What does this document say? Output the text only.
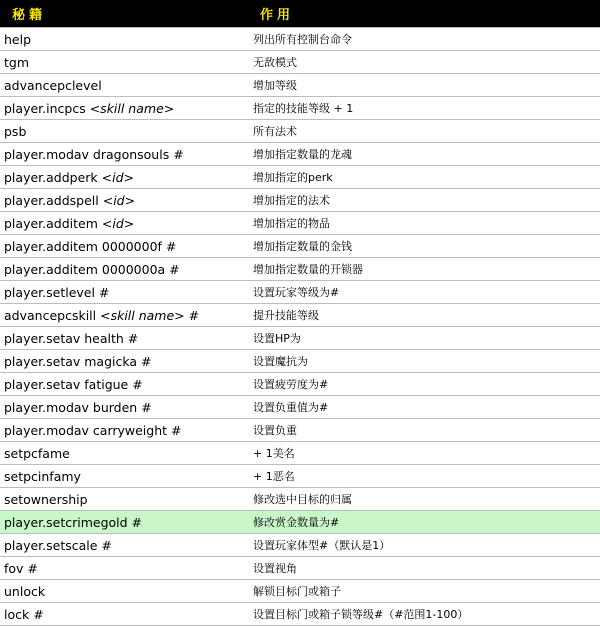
秘籍	作用
help	列出所有控制台命令
tgm	无敌模式
advancepclevel	增加等级
player.incpcs <skill name>	指定的技能等级 + 1
psb	所有法术
player.modav dragonsouls #	增加指定数量的龙魂
player.addperk <id>	增加指定的perk
player.addspell <id>	增加指定的法术
player.additem <id>	增加指定的物品
player.additem 0000000f #	增加指定数量的金钱
player.additem 0000000a #	增加指定数量的开锁器
player.setlevel #	设置玩家等级为#
advancepcskill <skill name> #	提升技能等级
player.setav health #	设置HP为
player.setav magicka #	设置魔抗为
player.setav fatigue #	设置疲劳度为#
player.modav burden #	设置负重值为#
player.modav carryweight #	设置负重
setpcfame	+ 1美名
setpcinfamy	+ 1恶名
setownership	修改选中目标的归属
player.setcrimegold #	修改赏金数量为#
player.setscale #	设置玩家体型#（默认是1）
fov #	设置视角
unlock	解锁目标门或箱子
lock #	设置目标门或箱子锁等级#（#范围1-100）
